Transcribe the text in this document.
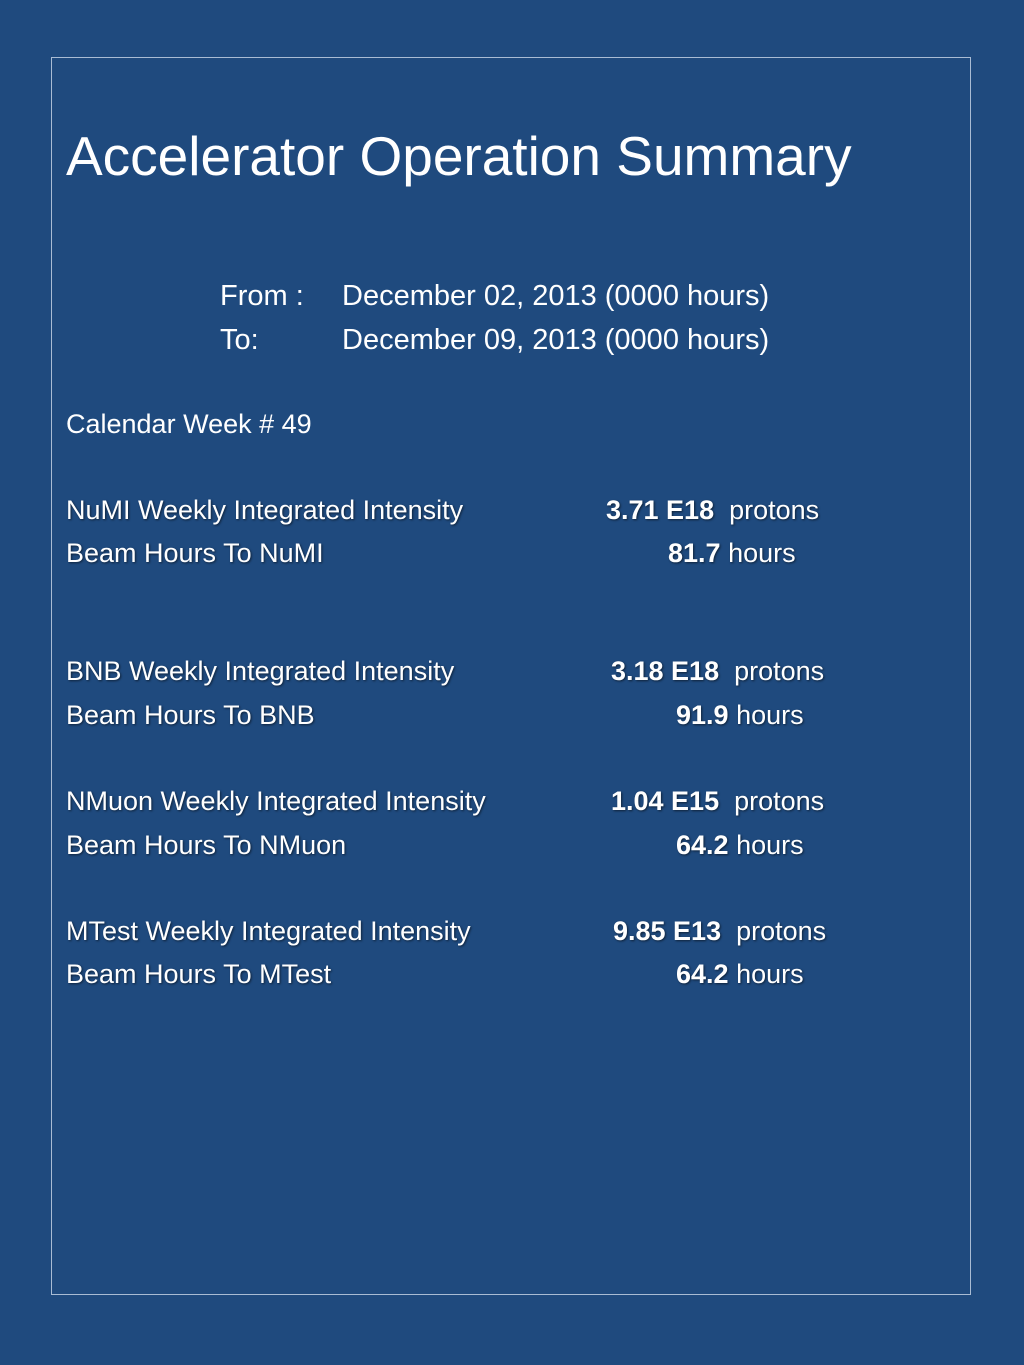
Accelerator Operation Summary
From : December 02, 2013 (0000 hours)
To:	December 09, 2013 (0000 hours)
Calendar Week # 49
NuMI Weekly Integrated Intensity	3.71 E18 protons
Beam Hours To NuMI	81.7 hours
BNB Weekly Integrated Intensity	3.18 E18 protons
Beam Hours To BNB	91.9 hours
NMuon Weekly Integrated Intensity	1.04 E15 protons
Beam Hours To NMuon	64.2 hours
MTest Weekly Integrated Intensity	9.85 E13 protons
Beam Hours To MTest	64.2 hours
